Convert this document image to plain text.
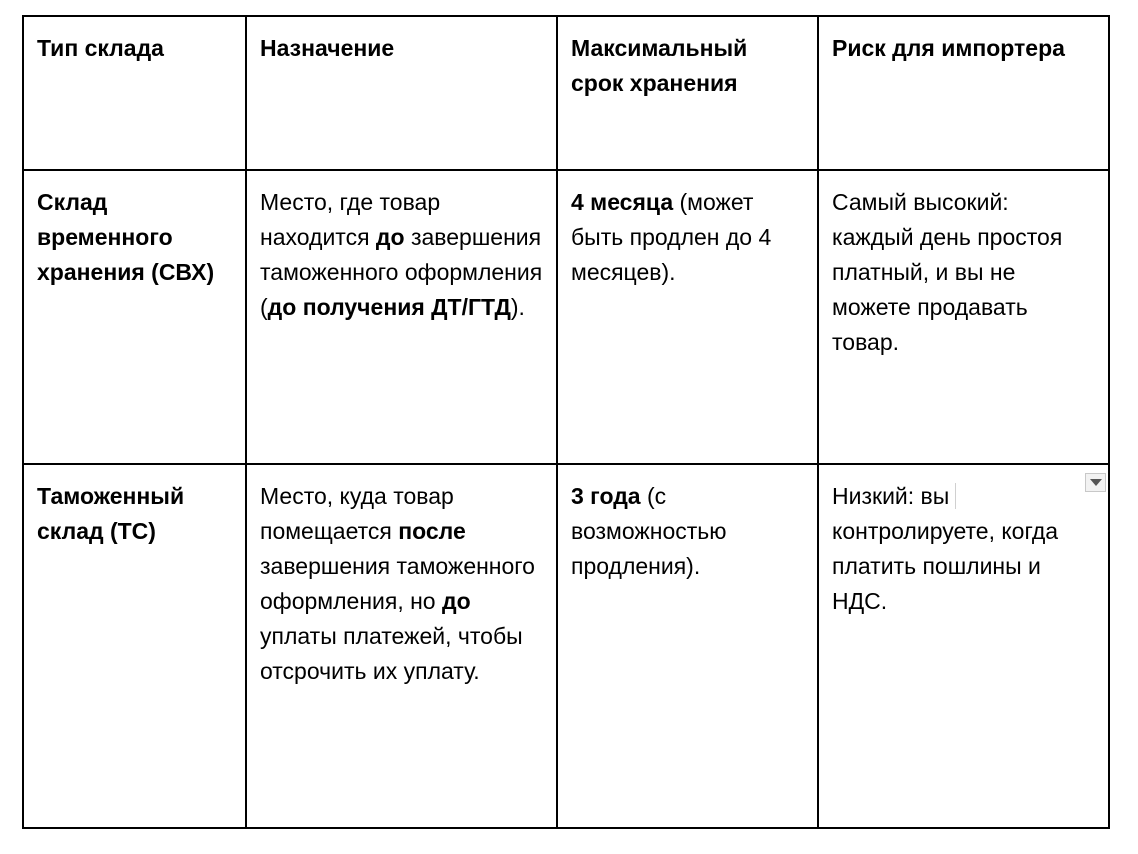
Тип склада	Назначение	Максимальный срок хранения	Риск для импортера
Склад временного хранения (СВХ)	Место, где товар находится до завершения таможенного оформления (до получения ДТ/ГТД).	4 месяца (может быть продлен до 4 месяцев).	Самый высокий: каждый день простоя платный, и вы не можете продавать товар.
Таможенный склад (ТС)	Место, куда товар помещается после завершения таможенного оформления, но до уплаты платежей, чтобы отсрочить их уплату.	3 года (с возможностью продления).	Низкий: вы контролируете, когда платить пошлины и НДС.
